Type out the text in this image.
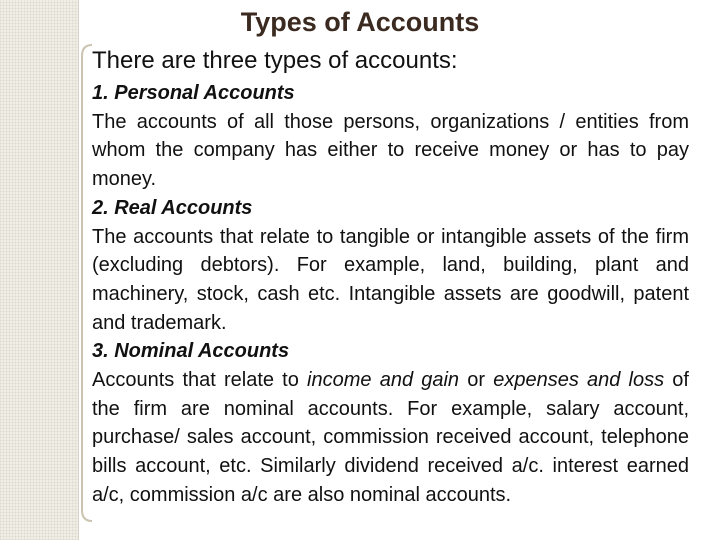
Types of Accounts
There are three types of accounts:

1. Personal Accounts

The accounts of all those persons, organizations / entities from whom the company has either to receive money or has to pay money.

2. Real Accounts

The accounts that relate to tangible or intangible assets of the firm (excluding debtors). For example, land, building, plant and machinery, stock, cash etc. Intangible assets are goodwill, patent and trademark.

3. Nominal Accounts

Accounts that relate to income and gain or expenses and loss of the firm are nominal accounts. For example, salary account, purchase/ sales account, commission received account, telephone bills account, etc. Similarly dividend received a/c. interest earned a/c, commission a/c are also nominal accounts.
